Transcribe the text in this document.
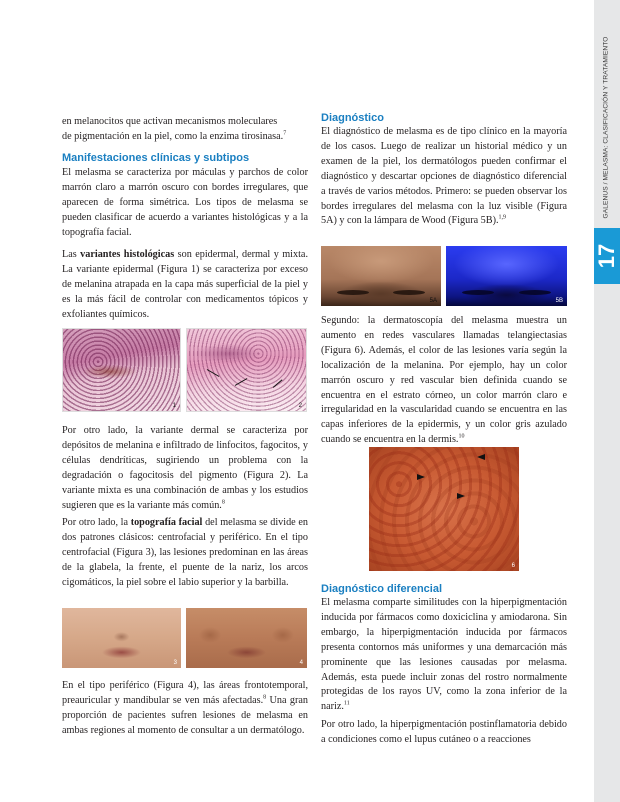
GALENUS / MELASMA: CLASIFICACIÓN Y TRATAMIENTO
17

en melanocitos que activan mecanismos moleculares
de pigmentación en la piel, como la enzima tirosinasa.$^7$

Manifestaciones clínicas y subtipos

El melasma se caracteriza por máculas y parchos de color marrón claro a marrón oscuro con bordes irregulares, que aparecen de forma simétrica. Los tipos de melasma se pueden clasificar de acuerdo a variantes histológicas y a la topografía facial.

Las variantes histológicas son epidermal, dermal y mixta. La variante epidermal (Figura 1) se caracteriza por exceso de melanina atrapada en la capa más superficial de la piel y es la más fácil de controlar con medicamentos tópicos y exfoliantes químicos.

1	2

Por otro lado, la variante dermal se caracteriza por depósitos de melanina e infiltrado de linfocitos, fagocitos, y células dendríticas, sugiriendo un problema con la degradación o fagocitosis del pigmento (Figura 2). La variante mixta es una combinación de ambas y los estudios sugieren que es la variante más común.$^8$

Por otro lado, la topografía facial del melasma se divide en dos patrones clásicos: centrofacial y periférico. En el tipo centrofacial (Figura 3), las lesiones predominan en las áreas de la glabela, la frente, el puente de la nariz, los arcos cigomáticos, la piel sobre el labio superior y la barbilla.

3	4

En el tipo periférico (Figura 4), las áreas frontotemporal, preauricular y mandibular se ven más afectadas.$^8$ Una gran proporción de pacientes sufren lesiones de melasma en ambas regiones al momento de consultar a un dermatólogo.

Diagnóstico

El diagnóstico de melasma es de tipo clínico en la mayoría de los casos. Luego de realizar un historial médico y un examen de la piel, los dermatólogos pueden confirmar el diagnóstico y descartar opciones de diagnóstico diferencial a través de varios métodos. Primero: se pueden observar los bordes irregulares del melasma con la luz visible (Figura 5A) y con la lámpara de Wood (Figura 5B).$^{1,9}$

5A	5B

Segundo: la dermatoscopía del melasma muestra un aumento en redes vasculares llamadas telangiectasias (Figura 6). Además, el color de las lesiones varía según la localización de la melanina. Por ejemplo, hay un color marrón oscuro y red vascular bien definida cuando se encuentra en el estrato córneo, un color marrón claro e irregularidad en la vascularidad cuando se encuentra en las capas inferiores de la epidermis, y un color gris azulado cuando se encuentra en la dermis.$^{10}$

6
Diagnóstico diferencial

El melasma comparte similitudes con la hiperpigmentación inducida por fármacos como doxiciclina y amiodarona. Sin embargo, la hiperpigmentación inducida por fármacos presenta contornos más uniformes y una demarcación más prominente que las lesiones causadas por melasma. Además, esta puede incluir zonas del rostro normalmente protegidas de los rayos UV, como la zona inferior de la nariz.$^{11}$

Por otro lado, la hiperpigmentación postinflamatoria debido a condiciones como el lupus cutáneo o a reacciones
